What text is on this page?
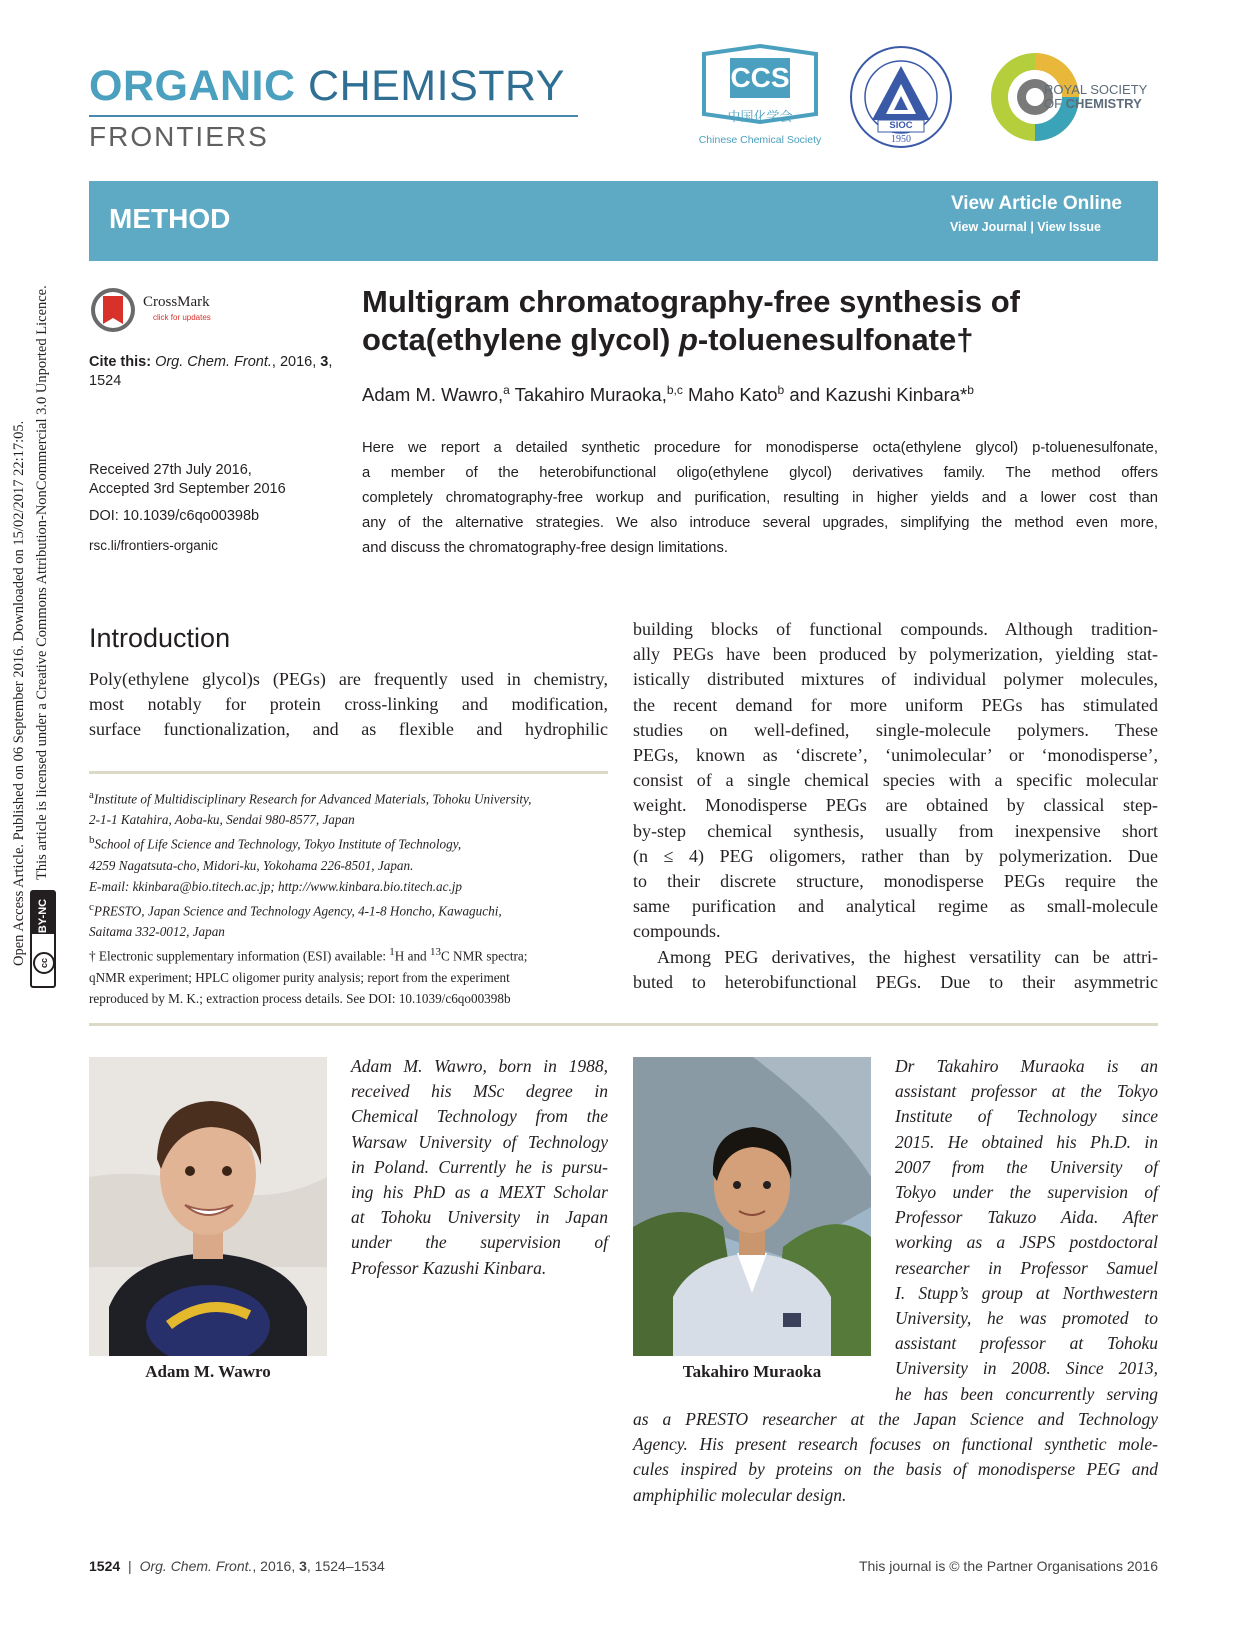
Open Access Article. Published on 06 September 2016. Downloaded on 15/02/2017 22:17:05. This article is licensed under a Creative Commons Attribution-NonCommercial 3.0 Unported Licence.
BY-NC
cc
ORGANIC CHEMISTRY
FRONTIERS
CCS
中国化学会
Chinese Chemical Society
SIOC
1950
ROYAL SOCIETY
OF CHEMISTRY
METHOD	View Article Online
View Journal | View Issue
CrossMark
click for updates
Cite this: Org. Chem. Front., 2016, 3,
1524
Received 27th July 2016,
Accepted 3rd September 2016
DOI: 10.1039/c6qo00398b
rsc.li/frontiers-organic
Multigram chromatography-free synthesis of
octa(ethylene glycol) p-toluenesulfonate†
Adam M. Wawro,$^a$ Takahiro Muraoka,$^{b,c}$ Maho Kato$^b$ and Kazushi Kinbara*$^b$
Here we report a detailed synthetic procedure for monodisperse octa(ethylene glycol) p-toluenesulfonate,
a member of the heterobifunctional oligo(ethylene glycol) derivatives family. The method offers
completely chromatography-free workup and purification, resulting in higher yields and a lower cost than
any of the alternative strategies. We also introduce several upgrades, simplifying the method even more,
and discuss the chromatography-free design limitations.
Introduction
Poly(ethylene glycol)s (PEGs) are frequently used in chemistry,
most notably for protein cross-linking and modification,
surface functionalization, and as flexible and hydrophilic
$^a$Institute of Multidisciplinary Research for Advanced Materials, Tohoku University,
2-1-1 Katahira, Aoba-ku, Sendai 980-8577, Japan
$^b$School of Life Science and Technology, Tokyo Institute of Technology,
4259 Nagatsuta-cho, Midori-ku, Yokohama 226-8501, Japan.
E-mail: kkinbara@bio.titech.ac.jp; http://www.kinbara.bio.titech.ac.jp
$^c$PRESTO, Japan Science and Technology Agency, 4-1-8 Honcho, Kawaguchi,
Saitama 332-0012, Japan
† Electronic supplementary information (ESI) available: $^1$H and $^{13}$C NMR spectra;
qNMR experiment; HPLC oligomer purity analysis; report from the experiment
reproduced by M. K.; extraction process details. See DOI: 10.1039/c6qo00398b
building blocks of functional compounds. Although tradition-
ally PEGs have been produced by polymerization, yielding stat-
istically distributed mixtures of individual polymer molecules,
the recent demand for more uniform PEGs has stimulated
studies on well-defined, single-molecule polymers. These
PEGs, known as ‘discrete’, ‘unimolecular’ or ‘monodisperse’,
consist of a single chemical species with a specific molecular
weight. Monodisperse PEGs are obtained by classical step-
by-step chemical synthesis, usually from inexpensive short
(n ≤ 4) PEG oligomers, rather than by polymerization. Due
to their discrete structure, monodisperse PEGs require the
same purification and analytical regime as small-molecule
compounds.
Among PEG derivatives, the highest versatility can be attri-
buted to heterobifunctional PEGs. Due to their asymmetric
Adam M. Wawro
Adam M. Wawro, born in 1988,
received his MSc degree in
Chemical Technology from the
Warsaw University of Technology
in Poland. Currently he is pursu-
ing his PhD as a MEXT Scholar
at Tohoku University in Japan
under the supervision of
Professor Kazushi Kinbara.
Takahiro Muraoka
Dr Takahiro Muraoka is an
assistant professor at the Tokyo
Institute of Technology since
2015. He obtained his Ph.D. in
2007 from the University of
Tokyo under the supervision of
Professor Takuzo Aida. After
working as a JSPS postdoctoral
researcher in Professor Samuel
I. Stupp’s group at Northwestern
University, he was promoted to
assistant professor at Tohoku
University in 2008. Since 2013,
he has been concurrently serving
as a PRESTO researcher at the Japan Science and Technology
Agency. His present research focuses on functional synthetic mole-
cules inspired by proteins on the basis of monodisperse PEG and
amphiphilic molecular design.
1524 | Org. Chem. Front., 2016, 3, 1524–1534	This journal is © the Partner Organisations 2016
